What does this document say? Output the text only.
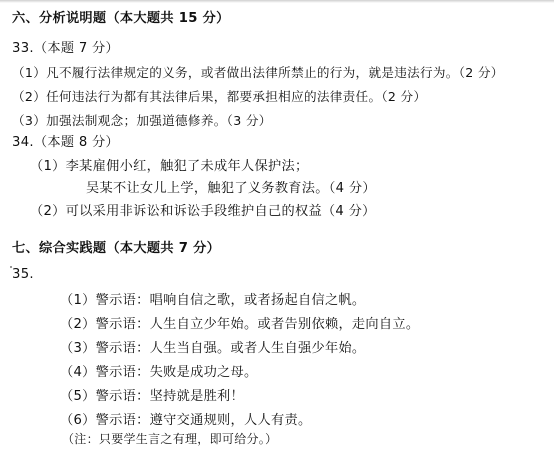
六、分析说明题（本大题共 15 分）
33.（本题 7 分）
（1）凡不履行法律规定的义务，或者做出法律所禁止的行为，就是违法行为。（2 分）
（2）任何违法行为都有其法律后果，都要承担相应的法律责任。（2 分）
（3）加强法制观念；加强道德修养。（3 分）
34.（本题 8 分）
（1）李某雇佣小红，触犯了未成年人保护法；
吴某不让女儿上学，触犯了义务教育法。（4 分）
（2）可以采用非诉讼和诉讼手段维护自己的权益（4 分）
七、综合实践题（本大题共 7 分）
35.
（1）警示语：唱响自信之歌，或者扬起自信之帆。
（2）警示语：人生自立少年始。或者告别依赖，走向自立。
（3）警示语：人生当自强。或者人生自强少年始。
（4）警示语：失败是成功之母。
（5）警示语：坚持就是胜利！
（6）警示语：遵守交通规则，人人有责。
（注：只要学生言之有理，即可给分。）
